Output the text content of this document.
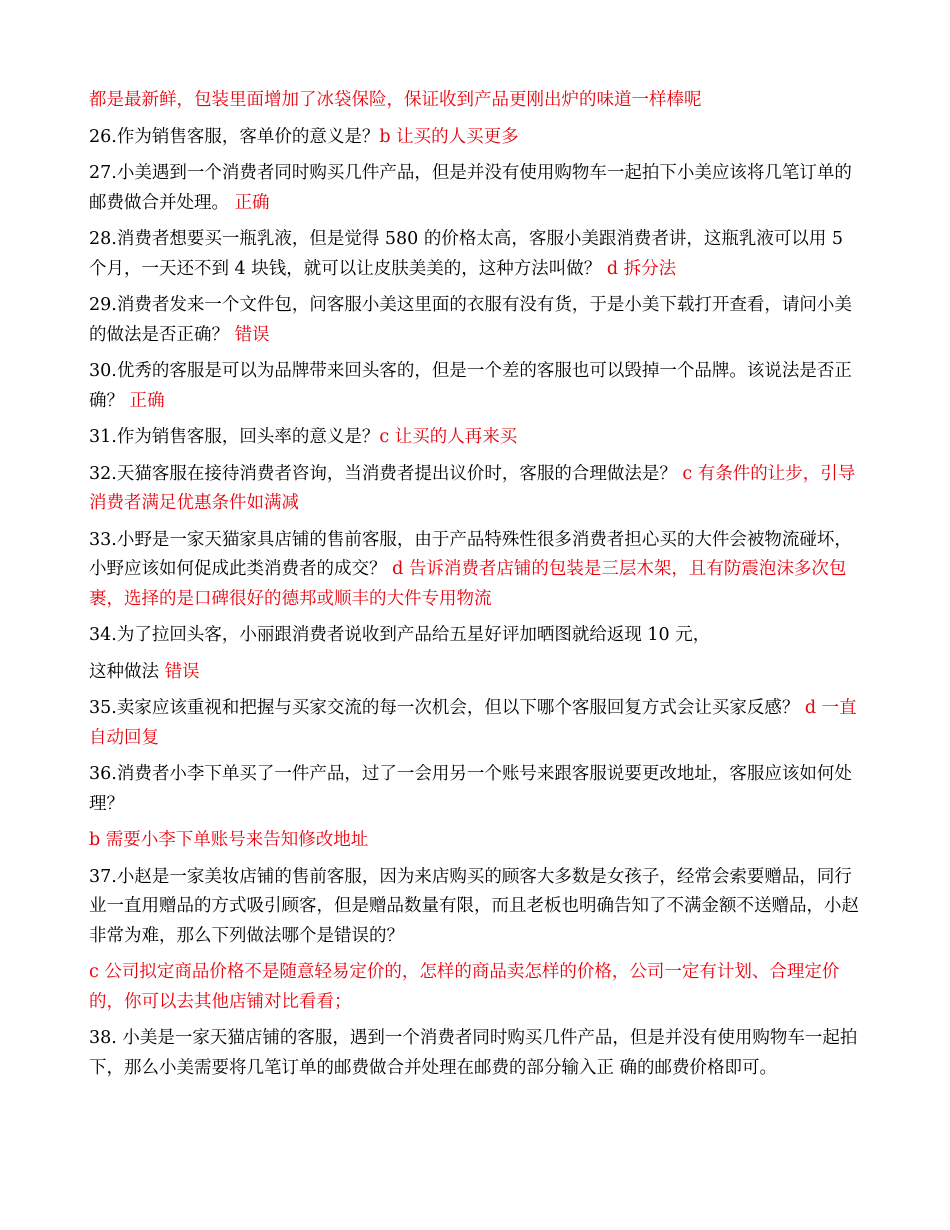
都是最新鲜，包装里面增加了冰袋保险，保证收到产品更刚出炉的味道一样棒呢

26.作为销售客服，客单价的意义是？b 让买的人买更多

27.小美遇到一个消费者同时购买几件产品，但是并没有使用购物车一起拍下小美应该将几笔订单的邮费做合并处理。 正确

28.消费者想要买一瓶乳液，但是觉得 580 的价格太高，客服小美跟消费者讲，这瓶乳液可以用 5 个月，一天还不到 4 块钱，就可以让皮肤美美的，这种方法叫做？ d 拆分法

29.消费者发来一个文件包，问客服小美这里面的衣服有没有货，于是小美下载打开查看，请问小美的做法是否正确？ 错误

30.优秀的客服是可以为品牌带来回头客的，但是一个差的客服也可以毁掉一个品牌。该说法是否正确？ 正确

31.作为销售客服，回头率的意义是？c 让买的人再来买

32.天猫客服在接待消费者咨询，当消费者提出议价时，客服的合理做法是？ c 有条件的让步，引导消费者满足优惠条件如满减

33.小野是一家天猫家具店铺的售前客服，由于产品特殊性很多消费者担心买的大件会被物流碰坏，小野应该如何促成此类消费者的成交？ d 告诉消费者店铺的包装是三层木架，且有防震泡沫多次包裹，选择的是口碑很好的德邦或顺丰的大件专用物流

34.为了拉回头客，小丽跟消费者说收到产品给五星好评加晒图就给返现 10 元，

这种做法 错误

35.卖家应该重视和把握与买家交流的每一次机会，但以下哪个客服回复方式会让买家反感？ d 一直自动回复

36.消费者小李下单买了一件产品，过了一会用另一个账号来跟客服说要更改地址，客服应该如何处理？

b 需要小李下单账号来告知修改地址

37.小赵是一家美妆店铺的售前客服，因为来店购买的顾客大多数是女孩子，经常会索要赠品，同行业一直用赠品的方式吸引顾客，但是赠品数量有限，而且老板也明确告知了不满金额不送赠品，小赵非常为难，那么下列做法哪个是错误的？

c 公司拟定商品价格不是随意轻易定价的，怎样的商品卖怎样的价格，公司一定有计划、合理定价的，你可以去其他店铺对比看看；

38. 小美是一家天猫店铺的客服，遇到一个消费者同时购买几件产品，但是并没有使用购物车一起拍下，那么小美需要将几笔订单的邮费做合并处理在邮费的部分输入正 确的邮费价格即可。
